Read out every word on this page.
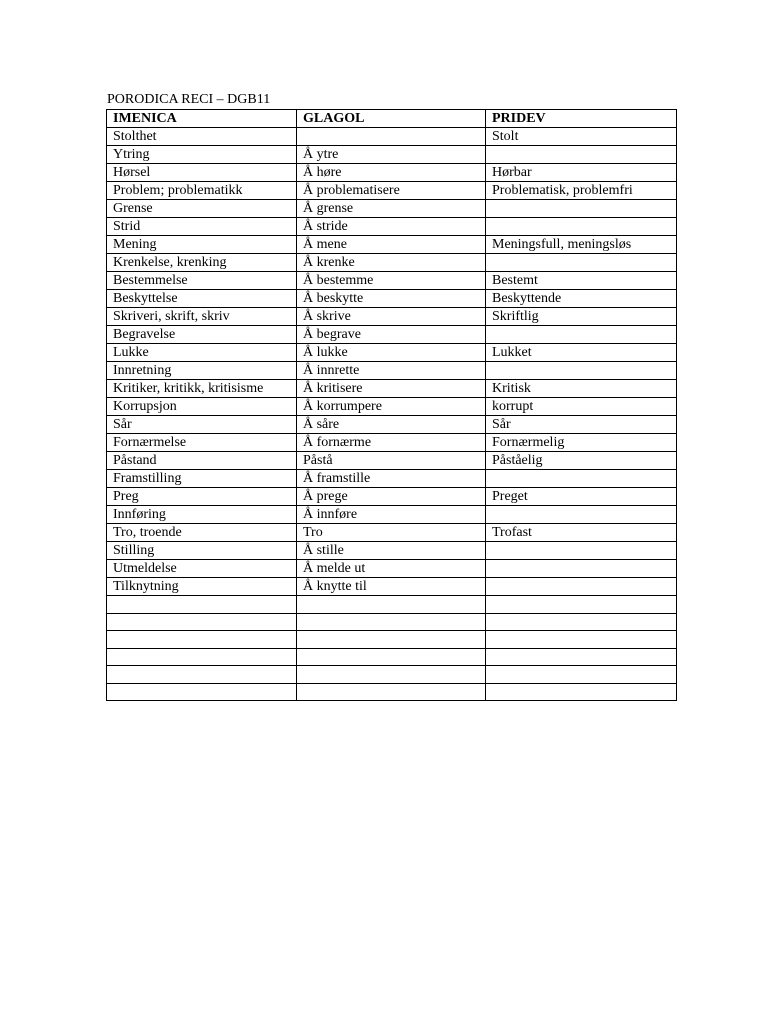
PORODICA RECI – DGB11
IMENICA	GLAGOL	PRIDEV
Stolthet		Stolt
Ytring	Å ytre	
Hørsel	Å høre	Hørbar
Problem; problematikk	Å problematisere	Problematisk, problemfri
Grense	Å grense	
Strid	Å stride	
Mening	Å mene	Meningsfull, meningsløs
Krenkelse, krenking	Å krenke	
Bestemmelse	Å bestemme	Bestemt
Beskyttelse	Å beskytte	Beskyttende
Skriveri, skrift, skriv	Å skrive	Skriftlig
Begravelse	Å begrave	
Lukke	Å lukke	Lukket
Innretning	Å innrette	
Kritiker, kritikk, kritisisme	Å kritisere	Kritisk
Korrupsjon	Å korrumpere	korrupt
Sår	Å såre	Sår
Fornærmelse	Å fornærme	Fornærmelig
Påstand	Påstå	Påståelig
Framstilling	Å framstille	
Preg	Å prege	Preget
Innføring	Å innføre	
Tro, troende	Tro	Trofast
Stilling	Å stille	
Utmeldelse	Å melde ut	
Tilknytning	Å knytte til	
